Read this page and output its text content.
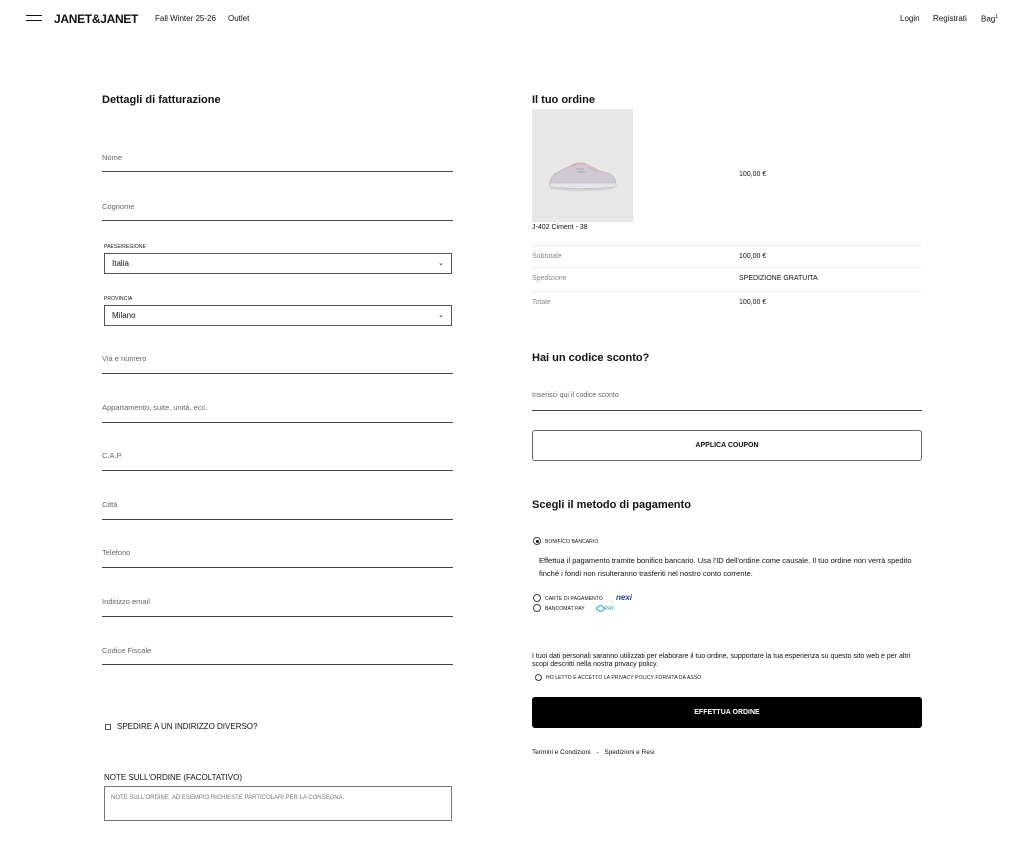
JANET&JANET Fall Winter 25-26 Outlet	Login Registrati Bag$^1$
Dettagli di fatturazione
Nome
Cognome
PAESE/REGIONE
Italia	⌄
PROVINCIA
Milano	⌄
Via e numero
Appartamento, suite, unità, ecc.
C.A.P.
Città
Telefono
Indirizzo email
Codice Fiscale
SPEDIRE A UN INDIRIZZO DIVERSO?
NOTE SULL'ORDINE (FACOLTATIVO)
NOTE SULL'ORDINE, AD ESEMPIO RICHIESTE PARTICOLARI PER LA CONSEGNA.
Il tuo ordine
100,00 €
J-402 Ciment - 38
Subtotale	100,00 €
Spedizione	SPEDIZIONE GRATUITA
Totale	100,00 €
Hai un codice sconto?
Inserisci qui il codice sconto
APPLICA COUPON
Scegli il metodo di pagamento
BONIFICO BANCARIO
Effettua il pagamento tramite bonifico bancario. Usa l'ID dell'ordine come causale. Il tuo ordine non verrà spedito finché i fondi non risulteranno trasferiti nel nostro conto corrente.
CARTE DI PAGAMENTO nexi
BANCOMAT PAY	PAY
I tuoi dati personali saranno utilizzati per elaborare il tuo ordine, supportare la tua esperienza su questo sito web e per altri scopi descritti nella nostra privacy policy.
HO LETTO E ACCETTO LA PRIVACY POLICY FORNITA DA ASSO
EFFETTUA ORDINE
Termini e Condizioni - Spedizioni e Resi
